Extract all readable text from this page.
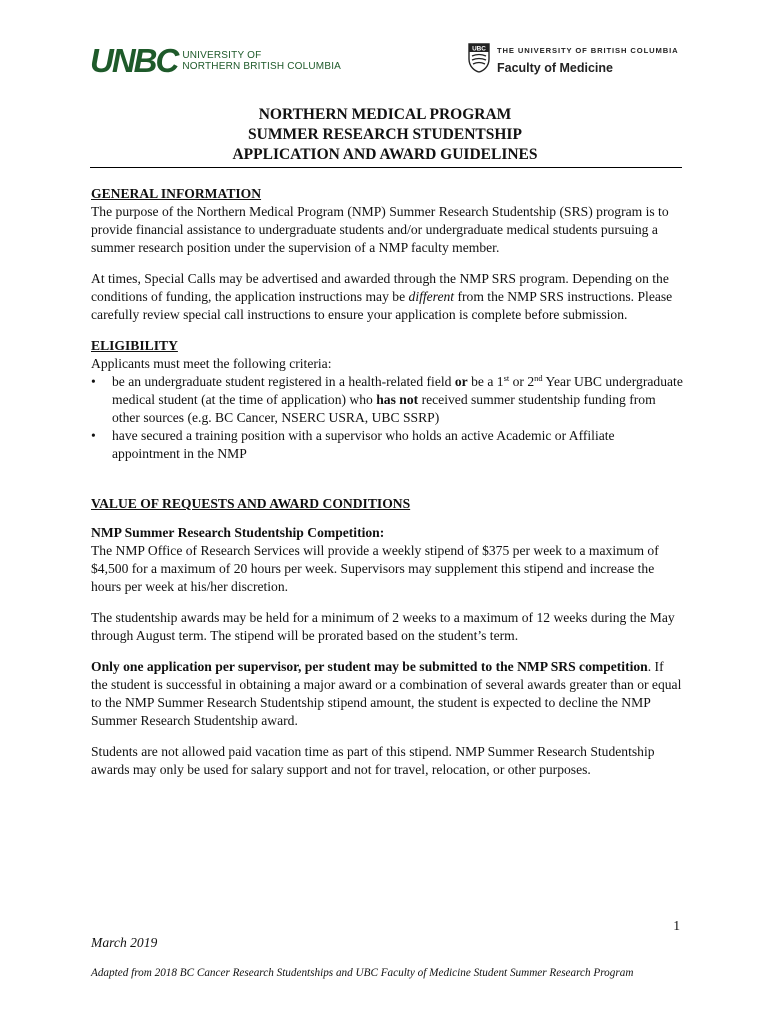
UNBC UNIVERSITY OF
NORTHERN BRITISH COLUMBIA
UBC THE UNIVERSITY OF BRITISH COLUMBIA
Faculty of Medicine
NORTHERN MEDICAL PROGRAM
SUMMER RESEARCH STUDENTSHIP
APPLICATION AND AWARD GUIDELINES
GENERAL INFORMATION

The purpose of the Northern Medical Program (NMP) Summer Research Studentship (SRS) program is to provide financial assistance to undergraduate students and/or undergraduate medical students pursuing a summer research position under the supervision of a NMP faculty member.

At times, Special Calls may be advertised and awarded through the NMP SRS program. Depending on the conditions of funding, the application instructions may be different from the NMP SRS instructions. Please carefully review special call instructions to ensure your application is complete before submission.

ELIGIBILITY
Applicants must meet the following criteria:
• be an undergraduate student registered in a health-related field or be a 1st or 2nd Year UBC undergraduate medical student (at the time of application) who has not received summer studentship funding from other sources (e.g. BC Cancer, NSERC USRA, UBC SSRP)
• have secured a training position with a supervisor who holds an active Academic or Affiliate appointment in the NMP
VALUE OF REQUESTS AND AWARD CONDITIONS
NMP Summer Research Studentship Competition:

The NMP Office of Research Services will provide a weekly stipend of $375 per week to a maximum of $4,500 for a maximum of 20 hours per week. Supervisors may supplement this stipend and increase the hours per week at his/her discretion.

The studentship awards may be held for a minimum of 2 weeks to a maximum of 12 weeks during the May through August term. The stipend will be prorated based on the student’s term.

Only one application per supervisor, per student may be submitted to the NMP SRS competition. If the student is successful in obtaining a major award or a combination of several awards greater than or equal to the NMP Summer Research Studentship stipend amount, the student is expected to decline the NMP Summer Research Studentship award.

Students are not allowed paid vacation time as part of this stipend. NMP Summer Research Studentship awards may only be used for salary support and not for travel, relocation, or other purposes.

1
March 2019
Adapted from 2018 BC Cancer Research Studentships and UBC Faculty of Medicine Student Summer Research Program
